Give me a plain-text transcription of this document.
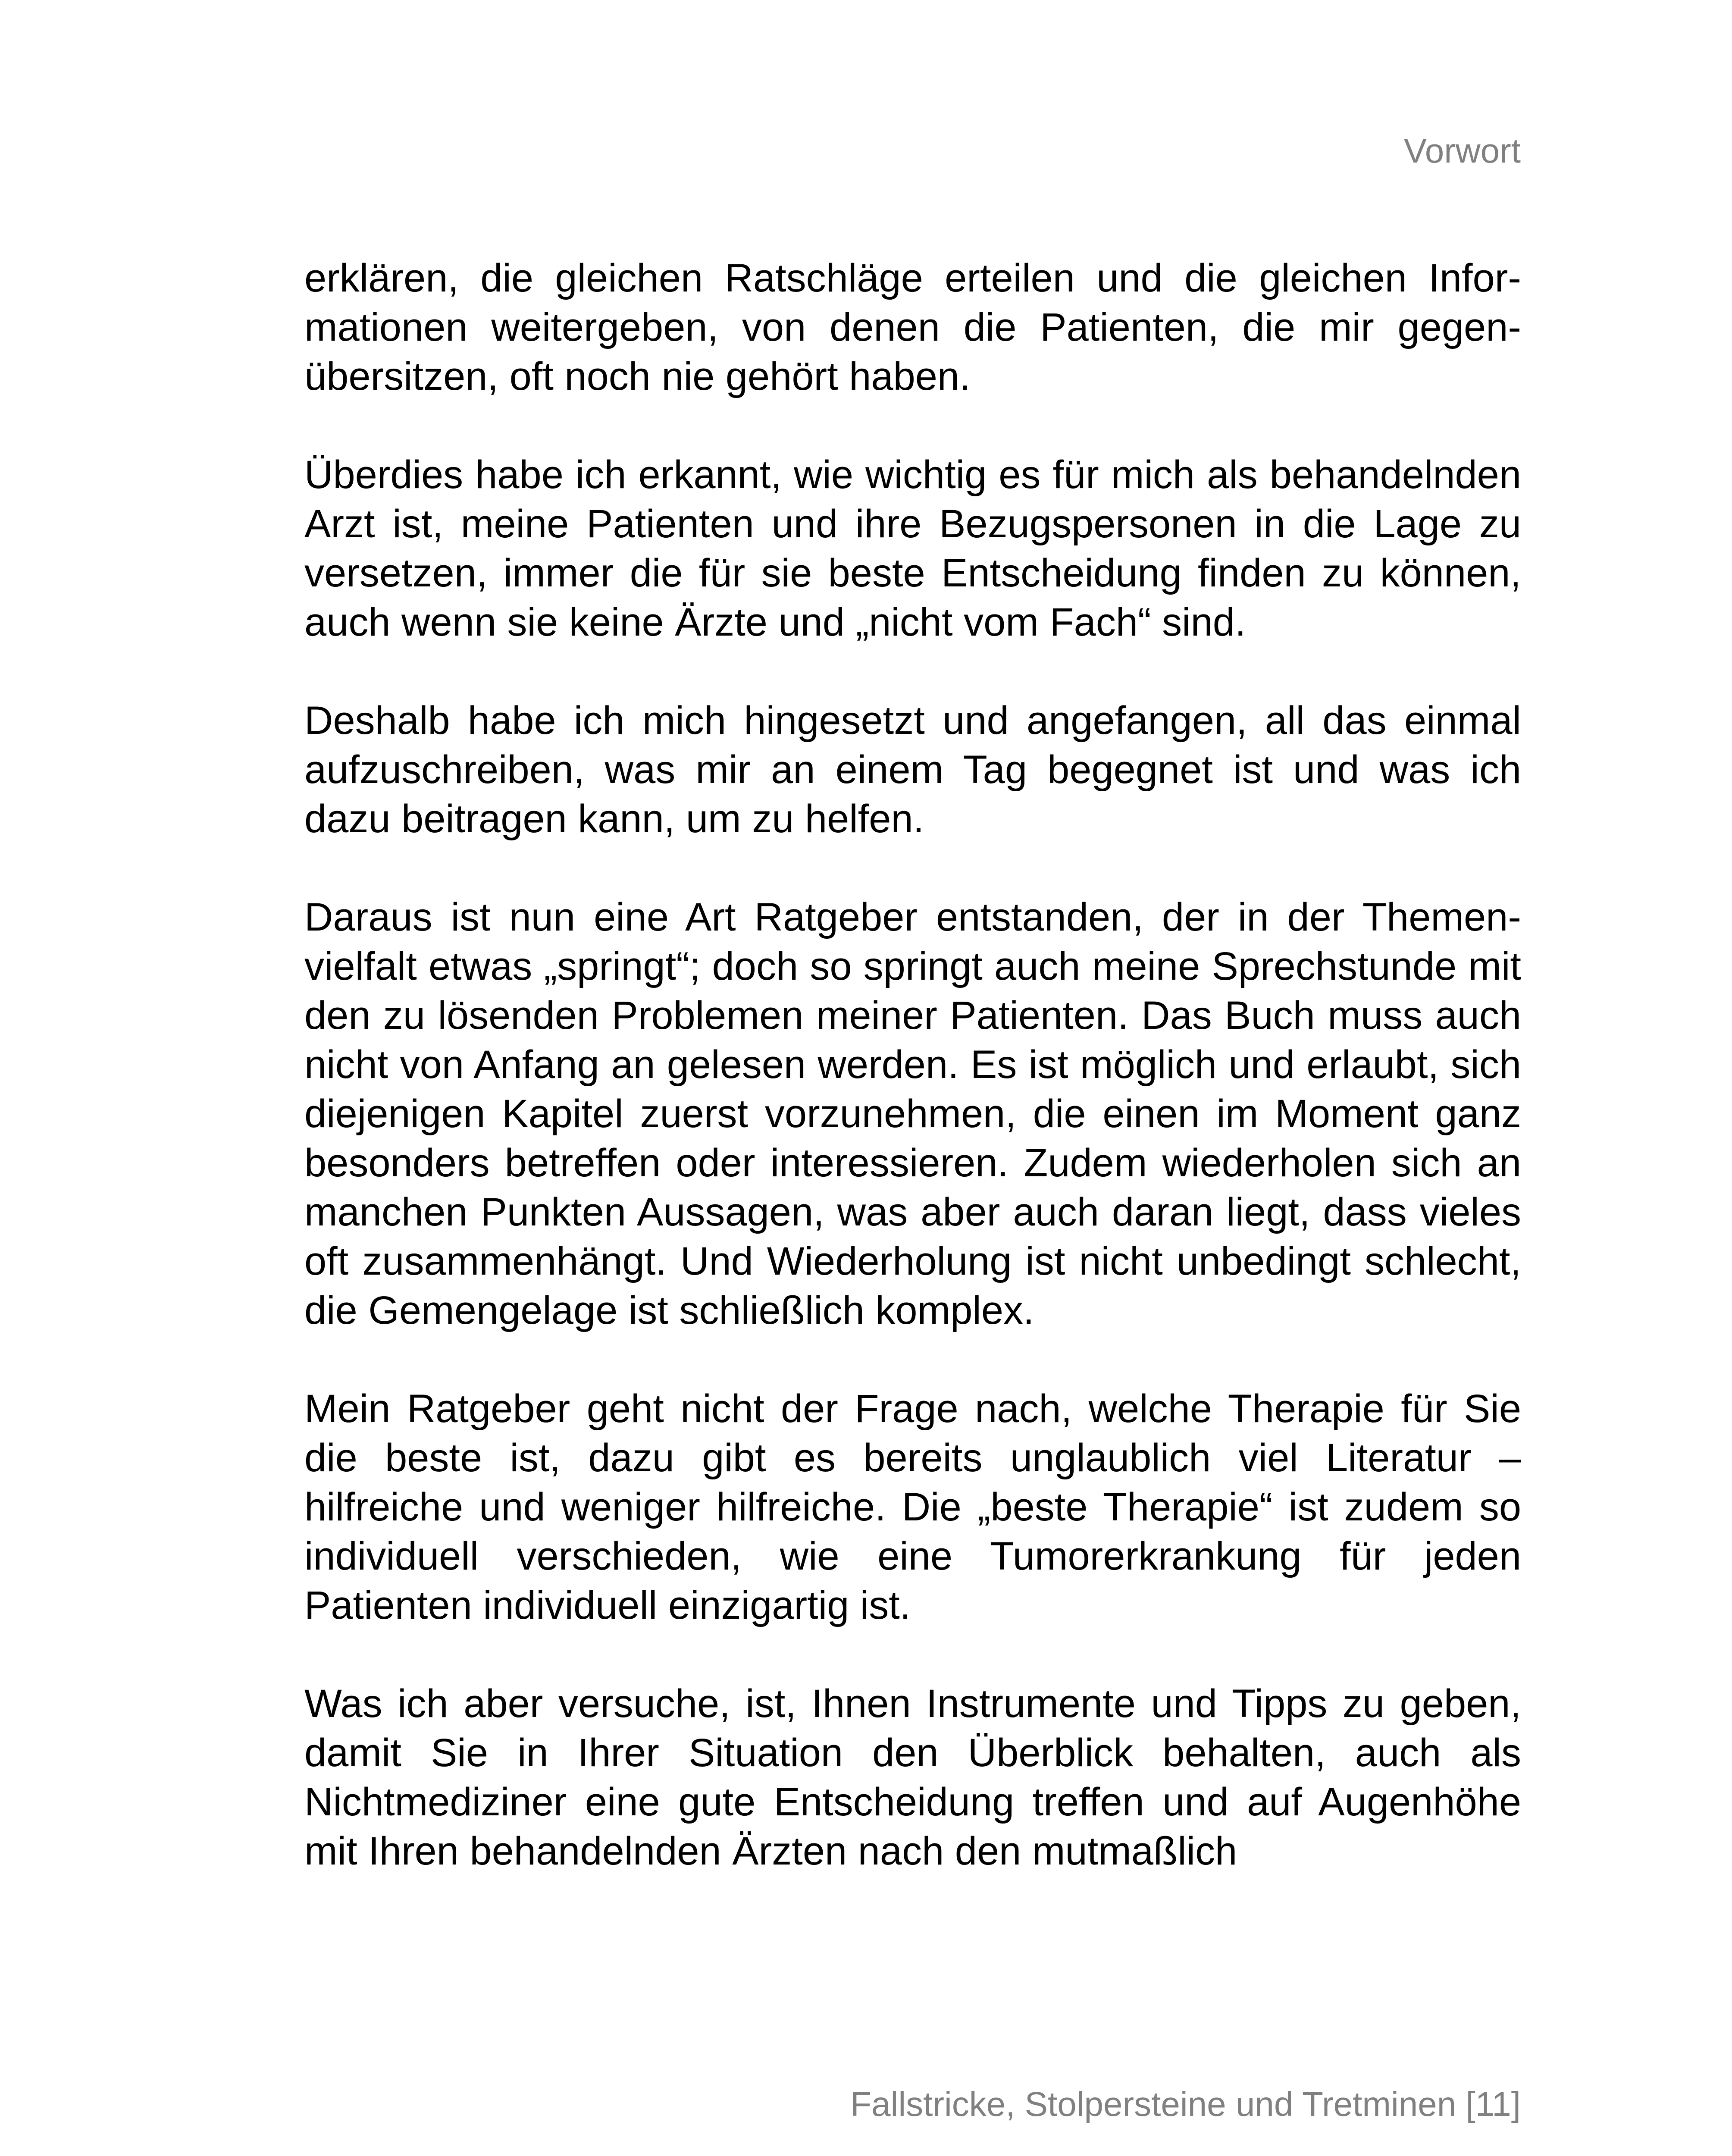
Vorwort

erklären, die gleichen Ratschläge erteilen und die gleichen Informationen weitergeben, von denen die Patienten, die mir gegenübersitzen, oft noch nie gehört haben.

Überdies habe ich erkannt, wie wichtig es für mich als behandelnden Arzt ist, meine Patienten und ihre Bezugspersonen in die Lage zu versetzen, immer die für sie beste Entscheidung finden zu können, auch wenn sie keine Ärzte und „nicht vom Fach“ sind.

Deshalb habe ich mich hingesetzt und angefangen, all das einmal aufzuschreiben, was mir an einem Tag begegnet ist und was ich dazu beitragen kann, um zu helfen.

Daraus ist nun eine Art Ratgeber entstanden, der in der Themenvielfalt etwas „springt“; doch so springt auch meine Sprechstunde mit den zu lösenden Problemen meiner Patienten. Das Buch muss auch nicht von Anfang an gelesen werden. Es ist möglich und erlaubt, sich diejenigen Kapitel zuerst vorzunehmen, die einen im Moment ganz besonders betreffen oder interessieren. Zudem wiederholen sich an manchen Punkten Aussagen, was aber auch daran liegt, dass vieles oft zusammenhängt. Und Wiederholung ist nicht unbedingt schlecht, die Gemengelage ist schließlich komplex.

Mein Ratgeber geht nicht der Frage nach, welche Therapie für Sie die beste ist, dazu gibt es bereits unglaublich viel Literatur – hilfreiche und weniger hilfreiche. Die „beste Therapie“ ist zudem so individuell verschieden, wie eine Tumorerkrankung für jeden Patienten individuell einzigartig ist.

Was ich aber versuche, ist, Ihnen Instrumente und Tipps zu geben, damit Sie in Ihrer Situation den Überblick behalten, auch als Nichtmediziner eine gute Entscheidung treffen und auf Augenhöhe mit Ihren behandelnden Ärzten nach den mutmaßlich

Fallstricke, Stolpersteine und Tretminen [11]
